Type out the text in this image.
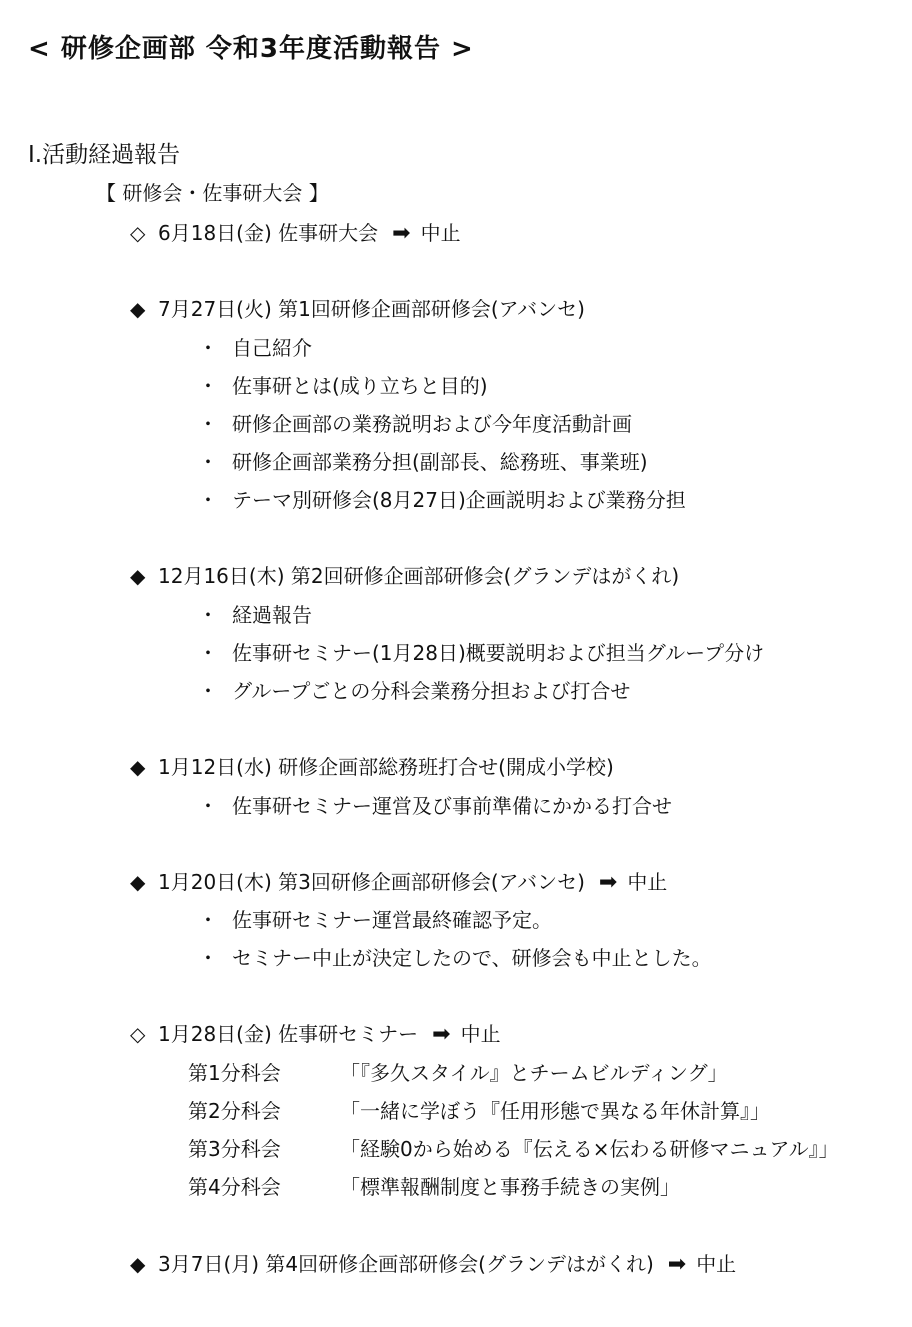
< 研修企画部 令和3年度活動報告 >
Ⅰ.活動経過報告
【 研修会・佐事研大会 】
◇ 6月18日(金) 佐事研大会 ➡ 中止
◆ 7月27日(火) 第1回研修企画部研修会(アバンセ)
・ 自己紹介
・ 佐事研とは(成り立ちと目的)
・ 研修企画部の業務説明および今年度活動計画
・ 研修企画部業務分担(副部長、総務班、事業班)
・ テーマ別研修会(8月27日)企画説明および業務分担
◆ 12月16日(木) 第2回研修企画部研修会(グランデはがくれ)
・ 経過報告
・ 佐事研セミナー(1月28日)概要説明および担当グループ分け
・ グループごとの分科会業務分担および打合せ
◆ 1月12日(水) 研修企画部総務班打合せ(開成小学校)
・ 佐事研セミナー運営及び事前準備にかかる打合せ
◆ 1月20日(木) 第3回研修企画部研修会(アバンセ) ➡ 中止
・ 佐事研セミナー運営最終確認予定。
・ セミナー中止が決定したので、研修会も中止とした。
◇ 1月28日(金) 佐事研セミナー ➡ 中止
第1分科会	「『多久スタイル』とチームビルディング」
第2分科会	「一緒に学ぼう『任用形態で異なる年休計算』」
第3分科会	「経験0から始める『伝える×伝わる研修マニュアル』」
第4分科会	「標準報酬制度と事務手続きの実例」
◆ 3月7日(月) 第4回研修企画部研修会(グランデはがくれ) ➡ 中止
